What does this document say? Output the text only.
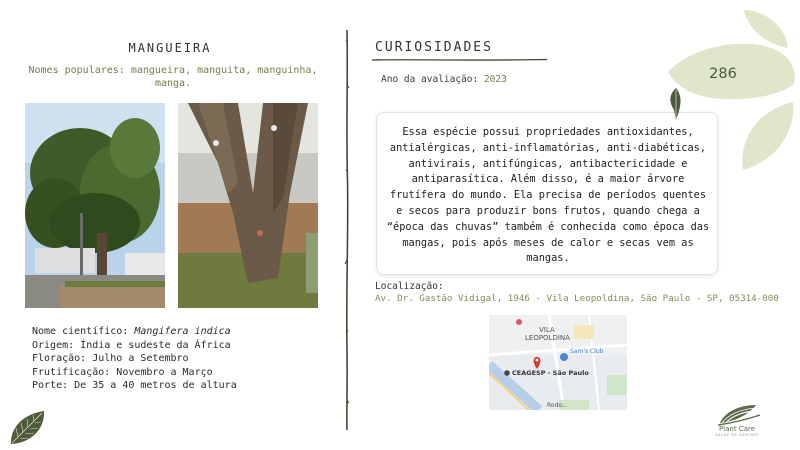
MANGUEIRA
Nomes populares: mangueira, manguita, manguinha, manga.
Nome científico: Mangifera indica
Origem: Índia e sudeste da África
Floração: Julho a Setembro
Frutificação: Novembro a Março
Porte: De 35 a 40 metros de altura
CURIOSIDADES
Ano da avaliação: 2023
Essa espécie possui propriedades antioxidantes, antialérgicas, anti-inflamatórias, anti-diabéticas, antivirais, antifúngicas, antibactericidade e antiparasítica. Além disso, é a maior árvore frutífera do mundo. Ela precisa de períodos quentes e secos para produzir bons frutos, quando chega a “época das chuvas” também é conhecida como época das mangas, pois após meses de calor e secas vem as mangas.
Localização:
Av. Dr. Gastão Vidigal, 1946 - Vila Leopoldina, São Paulo - SP, 05314-000
VILA
LEOPOLDINA
Sam's Club
CEAGESP - São Paulo
Rodo...
286
Plant Care
SAÚDE DE ÁRVORES
